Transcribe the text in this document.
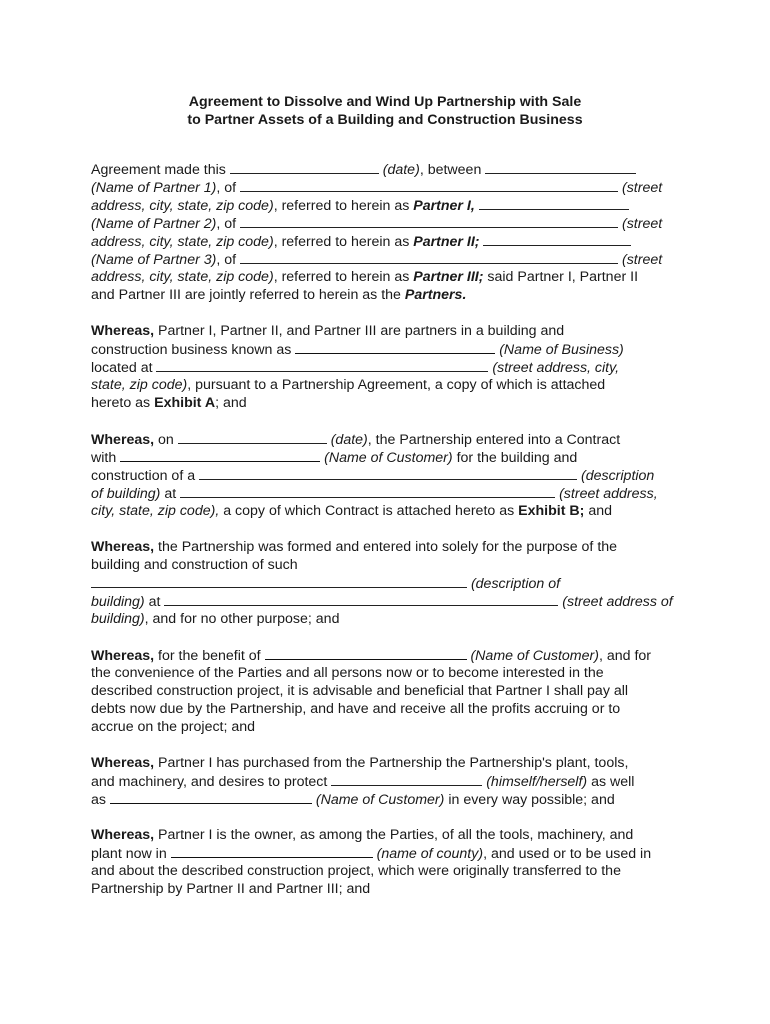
Agreement to Dissolve and Wind Up Partnership with Sale
to Partner Assets of a Building and Construction Business
Agreement made this	(date), between
(Name of Partner 1), of	(street
address, city, state, zip code), referred to herein as Partner I,
(Name of Partner 2), of	(street
address, city, state, zip code), referred to herein as Partner II;
(Name of Partner 3), of	(street
address, city, state, zip code), referred to herein as Partner III; said Partner I, Partner II
and Partner III are jointly referred to herein as the Partners.
Whereas, Partner I, Partner II, and Partner III are partners in a building and
construction business known as	(Name of Business)
located at	(street address, city,
state, zip code), pursuant to a Partnership Agreement, a copy of which is attached
hereto as Exhibit A; and
Whereas, on	(date), the Partnership entered into a Contract
with	(Name of Customer) for the building and
construction of a	(description
of building) at	(street address,
city, state, zip code), a copy of which Contract is attached hereto as Exhibit B; and
Whereas, the Partnership was formed and entered into solely for the purpose of the
building and construction of such
(description of
building) at	(street address of
building), and for no other purpose; and
Whereas, for the benefit of	(Name of Customer), and for
the convenience of the Parties and all persons now or to become interested in the
described construction project, it is advisable and beneficial that Partner I shall pay all
debts now due by the Partnership, and have and receive all the profits accruing or to
accrue on the project; and
Whereas, Partner I has purchased from the Partnership the Partnership's plant, tools,
and machinery, and desires to protect	(himself/herself) as well
as	(Name of Customer) in every way possible; and
Whereas, Partner I is the owner, as among the Parties, of all the tools, machinery, and
plant now in	(name of county), and used or to be used in
and about the described construction project, which were originally transferred to the
Partnership by Partner II and Partner III; and
